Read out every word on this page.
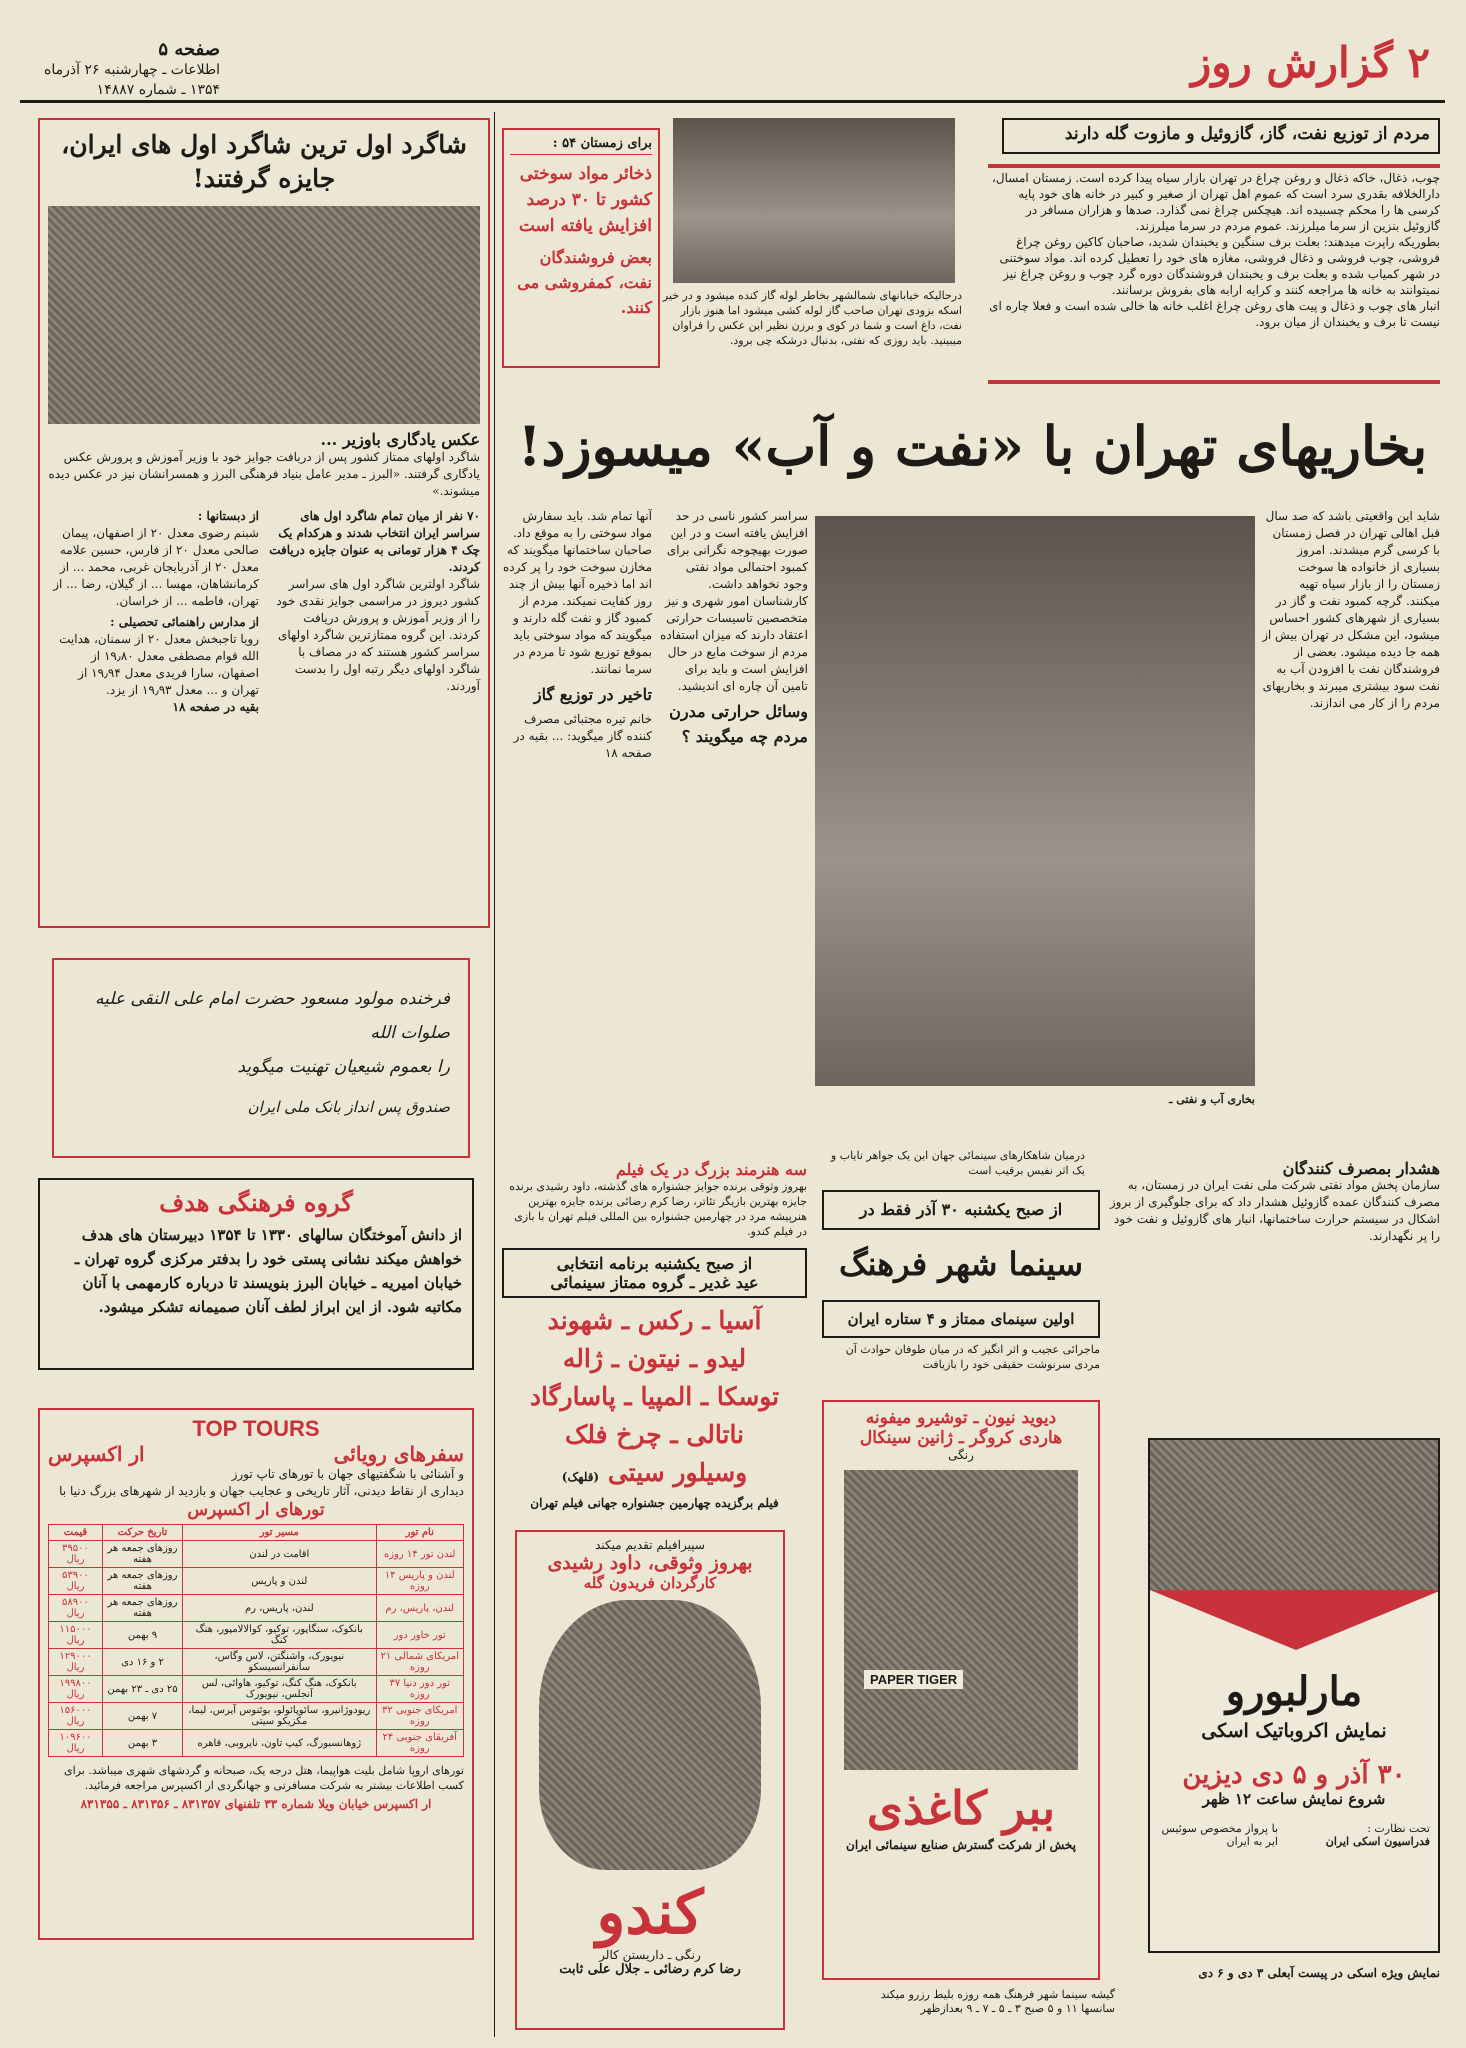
۲ گزارش روز
صفحه ۵
اطلاعات ـ چهارشنبه ۲۶ آذرماه
۱۳۵۴ ـ شماره ۱۴۸۸۷
شاگرد اول ترین شاگرد اول های ایران، جایزه گرفتند!
عکس یادگاری باوزیر ...
شاگرد اولهای ممتاز کشور پس از دریافت جوایز خود با وزیر آموزش و پرورش عکس یادگاری گرفتند. «البرز ـ مدیر عامل بنیاد فرهنگی البرز و همسرانشان نیز در عکس دیده میشوند.»
۷۰ نفر از میان تمام شاگرد اول های سراسر ایران انتخاب شدند و هرکدام یک چک ۴ هزار تومانی به عنوان جایزه دریافت کردند.
شاگرد اولترین شاگرد اول های سراسر کشور دیروز در مراسمی جوایز نقدی خود را از وزیر آموزش و پرورش دریافت کردند. این گروه ممتازترین شاگرد اولهای سراسر کشور هستند که در مصاف با شاگرد اولهای دیگر رتبه اول را بدست آوردند.
از دبستانها :
شبنم رضوی معدل ۲۰ از اصفهان، پیمان صالحی معدل ۲۰ از فارس، حسین علامه معدل ۲۰ از آذربایجان غربی، محمد ... از کرمانشاهان، مهسا ... از گیلان، رضا ... از تهران، فاطمه ... از خراسان.
از مدارس راهنمائی تحصیلی :
رویا تاجبخش معدل ۲۰ از سمنان، هدایت الله قوام مصطفی معدل ۱۹٫۸۰ از اصفهان، سارا فریدی معدل ۱۹٫۹۴ از تهران و ... معدل ۱۹٫۹۳ از یزد.
بقیه در صفحه ۱۸
فرخنده مولود مسعود حضرت امام علی النقی علیه صلوات الله
را بعموم شیعیان تهنیت میگوید
صندوق پس انداز بانک ملی ایران
گروه فرهنگی هدف
از دانش آموختگان سالهای ۱۳۳۰ تا ۱۳۵۴ دبیرستان های هدف خواهش میکند نشانی پستی خود را بدفتر مرکزی گروه تهران ـ خیابان امیریه ـ خیابان البرز بنویسند تا درباره کارمهمی با آنان مکاتبه شود. از این ابراز لطف آنان صمیمانه تشکر میشود.
TOP TOURS
سفرهای رویائی
ار اکسپرس
و آشنائی با شگفتیهای جهان با تورهای تاپ تورز
دیداری از نقاط دیدنی، آثار تاریخی و عجایب جهان و بازدید از شهرهای بزرگ دنیا با
تورهای ار اکسپرس
نام تور	مسیر تور	تاریخ حرکت	قیمت
لندن تور ۱۴ روزه	اقامت در لندن	روزهای جمعه هر هفته	۳۹۵۰۰ ریال
لندن و پاریس ۱۴ روزه	لندن و پاریس	روزهای جمعه هر هفته	۵۳۹۰۰ ریال
لندن، پاریس، رم	لندن، پاریس، رم	روزهای جمعه هر هفته	۵۸۹۰۰ ریال
تور خاور دور	بانکوک، سنگاپور، توکیو، کوالالامپور، هنگ کنگ	۹ بهمن	۱۱۵۰۰۰ ریال
امریکای شمالی ۲۱ روزه	نیویورک، واشنگتن، لاس وگاس، سانفرانسیسکو	۲ و ۱۶ دی	۱۲۹۰۰۰ ریال
تور دور دنیا ۳۷ روزه	بانکوک، هنگ کنگ، توکیو، هاوائی، لس آنجلس، نیویورک	۲۵ دی ـ ۲۳ بهمن	۱۹۹۸۰۰ ریال
امریکای جنوبی ۳۲ روزه	ریودوژانیرو، سائوپائولو، بوئنوس آیرس، لیما، مکزیکو سیتی	۷ بهمن	۱۵۶۰۰۰ ریال
آفریقای جنوبی ۲۴ روزه	ژوهانسبورگ، کیپ تاون، نایروبی، قاهره	۳ بهمن	۱۰۹۶۰۰ ریال
تورهای اروپا شامل بلیت هواپیما، هتل درجه یک، صبحانه و گردشهای شهری میباشد. برای کسب اطلاعات بیشتر به شرکت مسافرتی و جهانگردی ار اکسپرس مراجعه فرمائید.
ار اکسپرس خیابان ویلا شماره ۳۳ تلفنهای ۸۳۱۳۵۷ ـ ۸۳۱۳۵۶ ـ ۸۳۱۳۵۵
برای زمستان ۵۴ :
ذخائر مواد سوختی کشور تا ۳۰ درصد افزایش یافته است
بعض فروشندگان نفت، کمفروشی می کنند.
درحالیکه خیابانهای شمالشهر بخاطر لوله گاز کنده میشود و در خیر اسکه بزودی تهران صاحب گاز لوله کشی میشود اما هنوز بازار نفت، داغ است و شما در کوی و برزن نظیر این عکس را فراوان میبینید. باید روزی که نفتی، بدنبال درشکه چی برود.
مردم از توزیع نفت، گاز، گازوئیل و مازوت گله دارند
چوب، ذغال، خاکه ذغال و روغن چراغ در تهران بازار سیاه پیدا کرده است. زمستان امسال، دارالخلافه بقدری سرد است که عموم اهل تهران از صغیر و کبیر در خانه های خود پایه کرسی ها را محکم چسبیده اند. هیچکس چراغ نمی گذارد. صدها و هزاران مسافر در گازوئیل بنزین از سرما میلرزند. عموم مردم در سرما میلرزند.
بطوریکه راپرت میدهند: بعلت برف سنگین و یخبندان شدید، صاحبان کاکین روغن چراغ فروشی، چوب فروشی و ذغال فروشی، مغازه های خود را تعطیل کرده اند. مواد سوختنی در شهر کمیاب شده و بعلت برف و یخبندان فروشندگان دوره گرد چوب و روغن چراغ نیز نمیتوانند به خانه ها مراجعه کنند و کرایه ارابه های بفروش برسانند.
انبار های چوب و ذغال و پیت های روغن چراغ اغلب خانه ها خالی شده است و فعلا چاره ای نیست تا برف و یخبندان از میان برود.
بخاریهای تهران با «نفت و آب» میسوزد!
شاید این واقعیتی باشد که صد سال قبل اهالی تهران در فصل زمستان با کرسی گرم میشدند. امروز بسیاری از خانواده ها سوخت زمستان را از بازار سیاه تهیه میکنند. گرچه کمبود نفت و گاز در بسیاری از شهرهای کشور احساس میشود، این مشکل در تهران بیش از همه جا دیده میشود. بعضی از فروشندگان نفت با افزودن آب به نفت سود بیشتری میبرند و بخاریهای مردم را از کار می اندازند.
بخاری آب و نفتی ـ
سراسر کشور ناسی در حد افزایش یافته است و در این صورت بهیچوجه نگرانی برای کمبود احتمالی مواد نفتی وجود نخواهد داشت. کارشناسان امور شهری و نیز متخصصین تاسیسات حرارتی اعتقاد دارند که میزان استفاده مردم از سوخت مایع در حال افزایش است و باید برای تامین آن چاره ای اندیشید.
وسائل حرارتی مدرن
مردم چه میگویند ؟
آنها تمام شد. باید سفارش مواد سوختی را به موقع داد. صاحبان ساختمانها میگویند که مخازن سوخت خود را پر کرده اند اما ذخیره آنها بیش از چند روز کفایت نمیکند. مردم از کمبود گاز و نفت گله دارند و میگویند که مواد سوختی باید بموقع توزیع شود تا مردم در سرما نمانند.
تاخیر در توزیع گاز
خانم تیره مجتبائی مصرف کننده گاز میگوید: ... بقیه در صفحه ۱۸
هشدار بمصرف کنندگان
سازمان پخش مواد نفتی شرکت ملی نفت ایران در زمستان، به مصرف کنندگان عمده گازوئیل هشدار داد که برای جلوگیری از بروز اشکال در سیستم حرارت ساختمانها، انبار های گازوئیل و نفت خود را پر نگهدارند.
سه هنرمند بزرگ در یک فیلم
بهروز وثوقی برنده جوایز جشنواره های گذشته، داود رشیدی برنده جایزه بهترین بازیگر تئاتر، رضا کرم رضائی برنده جایزه بهترین هنرپیشه مرد در چهارمین جشنواره بین المللی فیلم تهران با بازی در فیلم کندو.
از صبح یکشنبه برنامه انتخابی
عید غدیر ـ گروه ممتاز سینمائی
آسیا ـ رکس ـ شهوند
لیدو ـ نیتون ـ ژاله
توسکا ـ المپیا ـ پاسارگاد
ناتالی ـ چرخ فلک
وسیلور سیتی (قلهک)
فیلم برگزیده چهارمین جشنواره جهانی فیلم تهران
سپیرافیلم تقدیم میکند
بهروز وثوقی، داود رشیدی
کارگردان فریدون گله
کندو
رنگی ـ داریستن کالر
رضا کرم رضائی ـ جلال علی ثابت
درمیان شاهکارهای سینمائی جهان این یک جواهر نایاب و یک اثر نفیس برقیب است
از صبح یکشنبه ۳۰ آذر فقط در
سینما شهر فرهنگ
اولین سینمای ممتاز و ۴ ستاره ایران
ماجرائی عجیب و اثر انگیز که در میان طوفان حوادث آن مردی سرنوشت حقیقی خود را بازیافت
دیوید نیون ـ توشیرو میفونه
هاردی کروگر ـ ژانین سینکال
رنگی
PAPER TIGER
ببر کاغذی
پخش از شرکت گسترش صنایع سینمائی ایران
گیشه سینما شهر فرهنگ همه روزه بلیط رزرو میکند
سانسها ۱۱ و ۵ صبح ۳ ـ ۵ ـ ۷ ـ ۹ بعدازظهر
مارلبورو
نمایش اکروباتیک اسکی
۳۰ آذر و ۵ دی دیزین
شروع نمایش ساعت ۱۲ ظهر
تحت نظارت :
فدراسیون اسکی ایران
با پرواز مخصوص سوئیس ایر به ایران
نمایش ویژه اسکی در پیست آبعلی ۳ دی و ۶ دی
